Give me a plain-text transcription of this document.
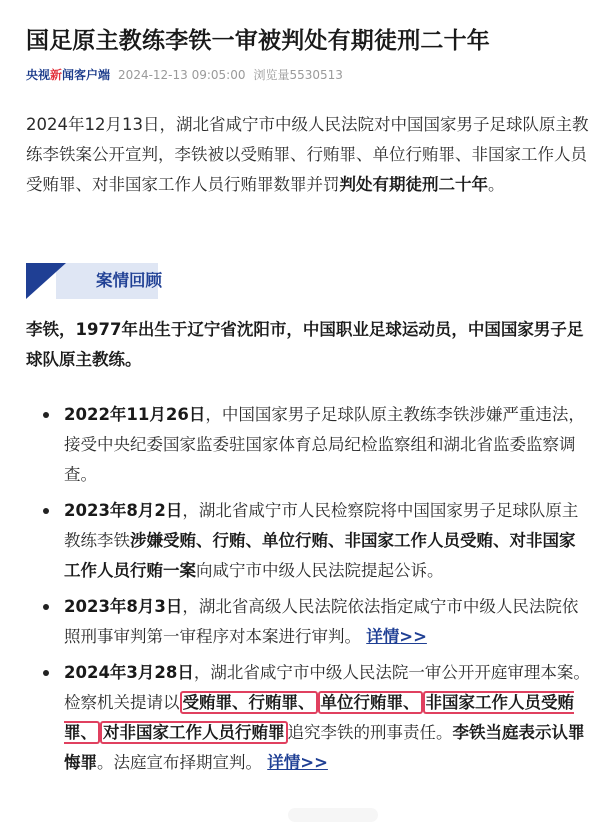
国足原主教练李铁一审被判处有期徒刑二十年
央视新闻客户端 2024-12-13 09:05:00 浏览量5530513

2024年12月13日，湖北省咸宁市中级人民法院对中国国家男子足球队原主教练李铁案公开宣判，李铁被以受贿罪、行贿罪、单位行贿罪、非国家工作人员受贿罪、对非国家工作人员行贿罪数罪并罚判处有期徒刑二十年。

案情回顾

李铁，1977年出生于辽宁省沈阳市，中国职业足球运动员，中国国家男子足球队原主教练。

2022年11月26日，中国国家男子足球队原主教练李铁涉嫌严重违法，接受中央纪委国家监委驻国家体育总局纪检监察组和湖北省监委监察调查。
2023年8月2日，湖北省咸宁市人民检察院将中国国家男子足球队原主教练李铁涉嫌受贿、行贿、单位行贿、非国家工作人员受贿、对非国家工作人员行贿一案向咸宁市中级人民法院提起公诉。
2023年8月3日，湖北省高级人民法院依法指定咸宁市中级人民法院依照刑事审判第一审程序对本案进行审判。 详情>>
2024年3月28日，湖北省咸宁市中级人民法院一审公开开庭审理本案。检察机关提请以 受贿罪、行贿罪、 单位行贿罪、 非国家工作人员受贿罪、 对非国家工作人员行贿罪 追究李铁的刑事责任。李铁当庭表示认罪悔罪。法庭宣布择期宣判。 详情>>
